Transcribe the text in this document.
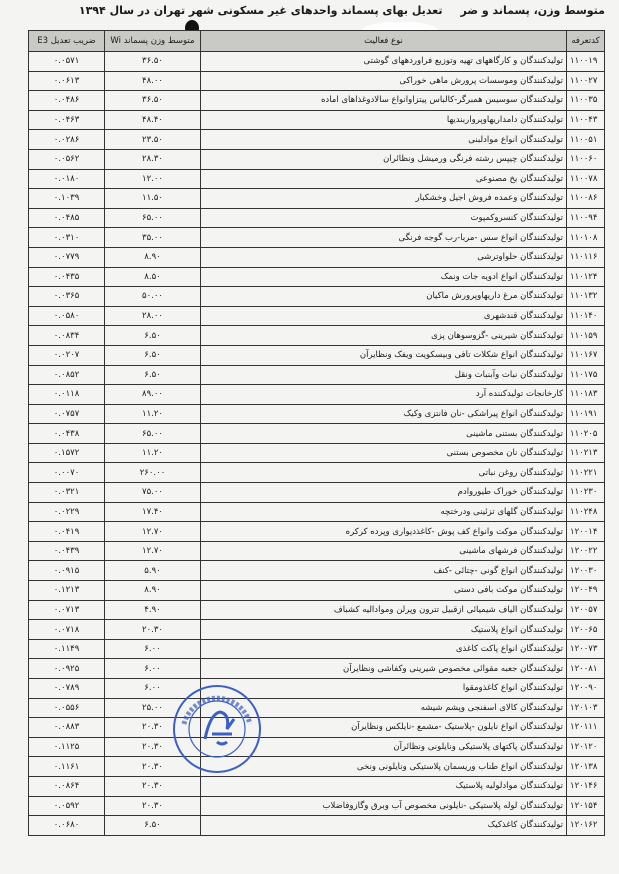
متوسط وزن، پسماند و ضر
تعدیل بهای پسماند واحدهای غیر مسکونی شهر تهران در سال ۱۳۹۴
کدتعرفه	نوع فعالیت	متوسط وزن پسماند Wi	ضریب تعدیل E3
۱۱۰۰۱۹	تولیدکنندگان و کارگاههای تهیه وتوزیع فراوردههای گوشتی	۳۶.۵۰	۰.۰۵۷۱
۱۱۰۰۲۷	تولیدکنندگان وموسسات پرورش ماهی خوراکی	۴۸.۰۰	۰.۰۶۱۳
۱۱۰۰۳۵	تولیدکنندگان سوسیس همبرگر-کالباس پیتزاوانواع سالادوغذاهای اماده	۳۶.۵۰	۰.۰۴۸۶
۱۱۰۰۴۳	تولیدکنندگان دامداریهاوپرواربندیها	۴۸.۴۰	۰.۰۴۶۳
۱۱۰۰۵۱	تولیدکنندگان انواع موادلبنی	۲۳.۵۰	۰.۰۲۸۶
۱۱۰۰۶۰	تولیدکنندگان چیپس رشته فرنگی ورمیشل ونظائران	۲۸.۳۰	۰.۰۵۶۲
۱۱۰۰۷۸	تولیدکنندگان یخ مصنوعی	۱۲.۰۰	۰.۰۱۸۰
۱۱۰۰۸۶	تولیدکنندگان وعمده فروش اجیل وخشکبار	۱۱.۵۰	۰.۱۰۳۹
۱۱۰۰۹۴	تولیدکنندگان کنسروکمپوت	۶۵.۰۰	۰.۰۴۸۵
۱۱۰۱۰۸	تولیدکنندگان انواع سس -مربا-رب گوجه فرنگی	۳۵.۰۰	۰.۰۳۱۰
۱۱۰۱۱۶	تولیدکنندگان حلواوترشی	۸.۹۰	۰.۰۷۷۹
۱۱۰۱۲۴	تولیدکنندگان انواع ادویه جات ونمک	۸.۵۰	۰.۰۴۳۵
۱۱۰۱۳۲	تولیدکنندگان مرغ داریهاوپرورش ماکیان	۵۰.۰۰	۰.۰۳۶۵
۱۱۰۱۴۰	تولیدکنندگان قندشهری	۲۸.۰۰	۰.۰۵۸۰
۱۱۰۱۵۹	تولیدکنندگان شیرینی -گزوسوهان پزی	۶.۵۰	۰.۰۸۳۴
۱۱۰۱۶۷	تولیدکنندگان انواع شکلات تافی وبیسکویت ویفک ونظایرآن	۶.۵۰	۰.۰۲۰۷
۱۱۰۱۷۵	تولیدکنندگان نبات وآبنبات ونقل	۶.۵۰	۰.۰۸۵۲
۱۱۰۱۸۳	کارخانجات تولیدکننده آرد	۸۹.۰۰	۰.۰۱۱۸
۱۱۰۱۹۱	تولیدکنندگان انواع پیراشکی -نان فانتزی وکیک	۱۱.۲۰	۰.۰۷۵۷
۱۱۰۲۰۵	تولیدکنندگان بستنی ماشینی	۶۵.۰۰	۰.۰۴۳۸
۱۱۰۲۱۳	تولیدکنندگان نان مخصوص بستنی	۱۱.۲۰	۰.۱۵۷۲
۱۱۰۲۲۱	تولیدکنندگان روغن نباتی	۲۶۰.۰۰	۰.۰۰۷۰
۱۱۰۲۳۰	تولیدکنندگان خوراک طیوروادم	۷۵.۰۰	۰.۰۳۲۱
۱۱۰۲۴۸	تولیدکنندگان گلهای تزئینی ودرختچه	۱۷.۴۰	۰.۰۲۲۹
۱۲۰۰۱۴	تولیدکنندگان موکت وانواع کف پوش -کاغذدیواری وپرده کرکره	۱۲.۷۰	۰.۰۴۱۹
۱۲۰۰۲۲	تولیدکنندگان فرشهای ماشینی	۱۲.۷۰	۰.۰۴۳۹
۱۲۰۰۳۰	تولیدکنندگان انواع گونی -چتائی -کنف	۵.۹۰	۰.۰۹۱۵
۱۲۰۰۴۹	تولیدکنندگان موکت بافی دستی	۸.۹۰	۰.۱۲۱۳
۱۲۰۰۵۷	تولیدکنندگان الیاف شیمیائی ازقبیل تترون وپرلن وموادالیه کشباف	۴.۹۰	۰.۰۷۱۳
۱۲۰۰۶۵	تولیدکنندگان انواع پلاستیک	۲۰.۳۰	۰.۰۷۱۸
۱۲۰۰۷۳	تولیدکنندگان انواع پاکت کاغذی	۶.۰۰	۰.۱۱۴۹
۱۲۰۰۸۱	تولیدکنندگان جعبه مقوائی مخصوص شیرینی وکفاشی ونظایرآن	۶.۰۰	۰.۰۹۲۵
۱۲۰۰۹۰	تولیدکنندگان انواع کاغذومقوا	۶.۰۰	۰.۰۷۸۹
۱۲۰۱۰۳	تولیدکنندگان کالای اسفنجی وپشم شیشه	۲۵.۰۰	۰.۰۵۵۶
۱۲۰۱۱۱	تولیدکنندگان انواع نایلون -پلاستیک -مشمع -نایلکس ونظایرآن	۲۰.۳۰	۰.۰۸۸۳
۱۲۰۱۲۰	تولیدکنندگان پاکتهای پلاستیکی ونایلونی ونظائرآن	۲۰.۳۰	۰.۱۱۲۵
۱۲۰۱۳۸	تولیدکنندگان انواع طناب وریسمان پلاستیکی ونایلونی ونخی	۲۰.۳۰	۰.۱۱۶۱
۱۲۰۱۴۶	تولیدکنندگان موادلولیه پلاستیک	۲۰.۳۰	۰.۰۸۶۴
۱۲۰۱۵۴	تولیدکنندگان لوله پلاستیکی -نایلونی مخصوص آب وبرق وگازوفاضلاب	۲۰.۳۰	۰.۰۵۹۲
۱۲۰۱۶۲	تولیدکنندگان کاغذکیک	۶.۵۰	۰.۰۶۸۰
